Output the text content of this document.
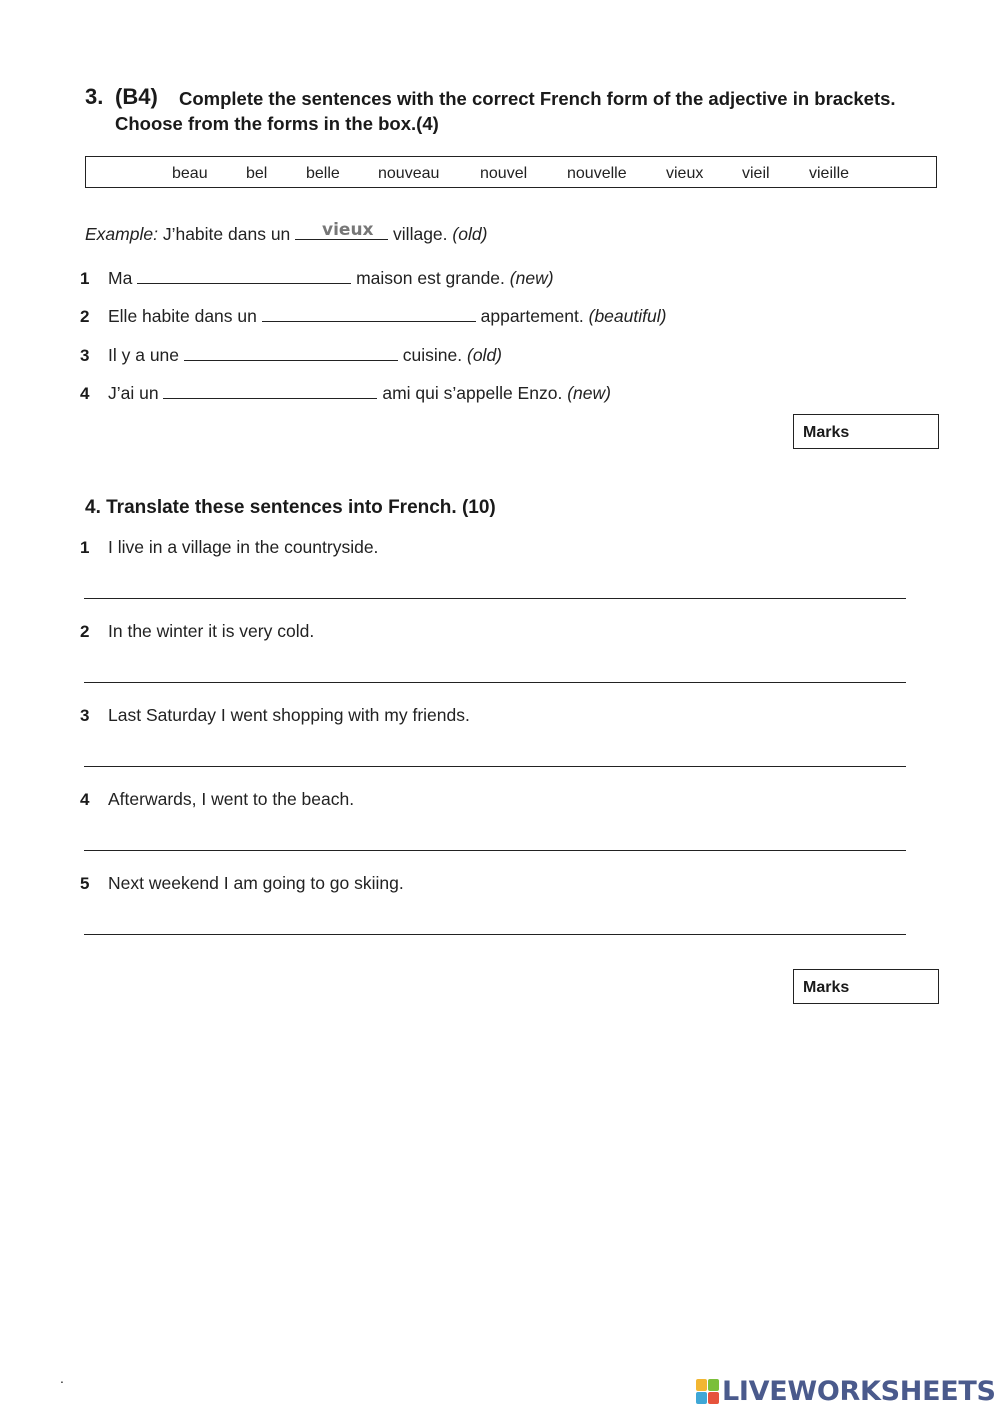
3. (B4)	Complete the sentences with the correct French form of the adjective in brackets. Choose from the forms in the box.(4)
beau bel belle nouveau	nouvel nouvelle vieux vieil vieille
Example: J’habite dans un	village. (old)
vieux
1 Ma	maison est grande. (new)
2 Elle habite dans un	appartement. (beautiful)
3 Il y a une	cuisine. (old)
4 J’ai un	ami qui s’appelle Enzo. (new)
Marks
4. Translate these sentences into French. (10)
1 I live in a village in the countryside.
2 In the winter it is very cold.
3 Last Saturday I went shopping with my friends.
4 Afterwards, I went to the beach.
5 Next weekend I am going to go skiing.
Marks
.	LIVEWORKSHEETS
